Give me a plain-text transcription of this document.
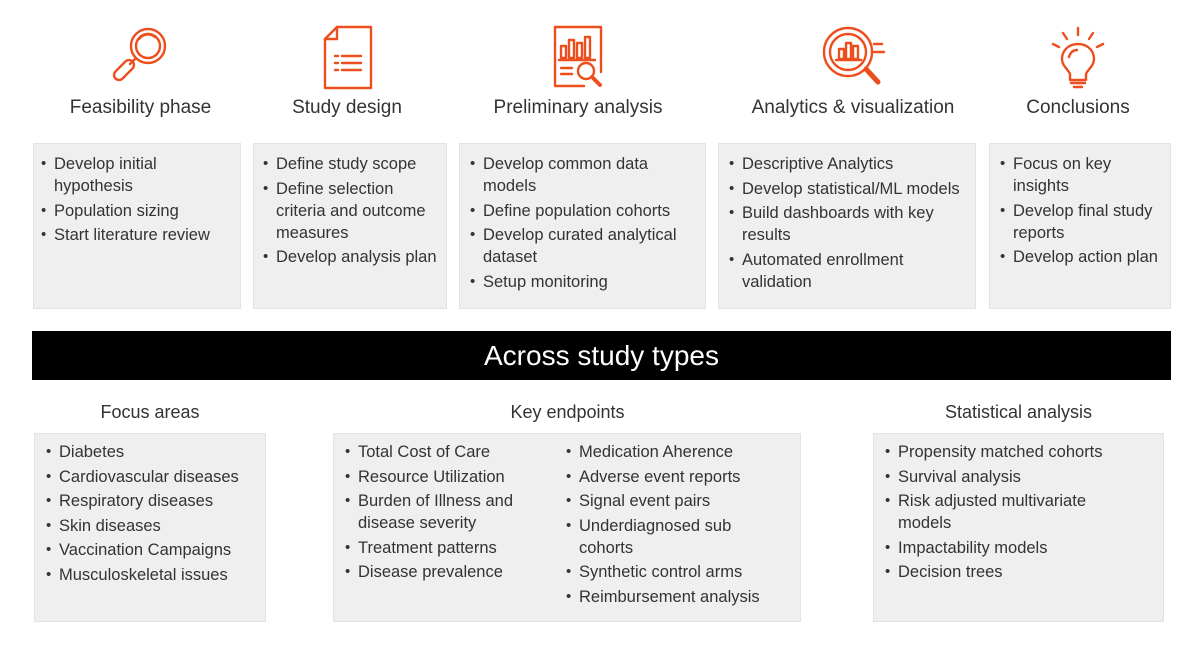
Feasibility phase	Study design	Preliminary analysis	Analytics & visualization	Conclusions
• Develop initial hypothesis
• Population sizing
• Start literature review
• Define study scope
• Define selection criteria and outcome measures
• Develop analysis plan
• Develop common data models
• Define population cohorts
• Develop curated analytical dataset
• Setup monitoring
• Descriptive Analytics
• Develop statistical/ML models
• Build dashboards with key results
• Automated enrollment validation
• Focus on key insights
• Develop final study reports
• Develop action plan
Across study types
Focus areas	Key endpoints	Statistical analysis
• Diabetes
• Cardiovascular diseases
• Respiratory diseases
• Skin diseases
• Vaccination Campaigns
• Musculoskeletal issues
• Total Cost of Care
• Resource Utilization
• Burden of Illness and disease severity
• Treatment patterns
• Disease prevalence
• Medication Aherence
• Adverse event reports
• Signal event pairs
• Underdiagnosed sub cohorts
• Synthetic control arms
• Reimbursement analysis
• Propensity matched cohorts
• Survival analysis
• Risk adjusted multivariate models
• Impactability models
• Decision trees
